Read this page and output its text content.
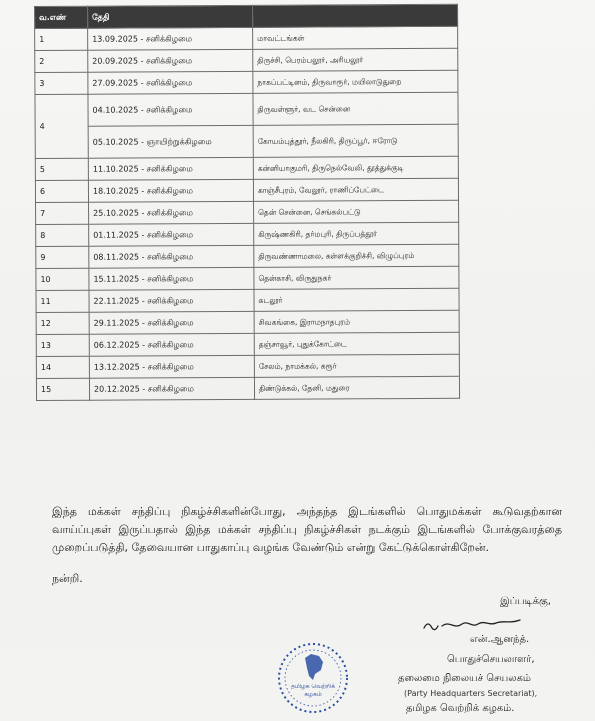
வ.எண்	தேதி	
1	13.09.2025 - சனிக்கிழமை	மாவட்டங்கள்
2	20.09.2025 - சனிக்கிழமை	திருச்சி, பெரம்பலூர், அரியலூர்
3	27.09.2025 - சனிக்கிழமை	நாகப்பட்டினம், திருவாரூர், மயிலாடுதுறை
4	04.10.2025 - சனிக்கிழமை	திருவள்ளூர், வட சென்னை
	05.10.2025 - ஞாயிற்றுக்கிழமை	கோயம்புத்தூர், நீலகிரி, திருப்பூர், ஈரோடு
5	11.10.2025 - சனிக்கிழமை	கன்னியாகுமரி, திருநெல்வேலி, தூத்துக்குடி
6	18.10.2025 - சனிக்கிழமை	காஞ்சீபுரம், வேலூர், ராணிப்பேட்டை
7	25.10.2025 - சனிக்கிழமை	தென் சென்னை, செங்கல்பட்டு
8	01.11.2025 - சனிக்கிழமை	கிருஷ்ணகிரி, தர்மபுரி, திருப்பத்தூர்
9	08.11.2025 - சனிக்கிழமை	திருவண்ணாமலை, கள்ளக்குறிச்சி, விழுப்புரம்
10	15.11.2025 - சனிக்கிழமை	தென்காசி, விருதுநகர்
11	22.11.2025 - சனிக்கிழமை	கடலூர்
12	29.11.2025 - சனிக்கிழமை	சிவகங்கை, இராமநாதபுரம்
13	06.12.2025 - சனிக்கிழமை	தஞ்சாவூர், புதுக்கோட்டை
14	13.12.2025 - சனிக்கிழமை	சேலம், நாமக்கல், கரூர்
15	20.12.2025 - சனிக்கிழமை	திண்டுக்கல், தேனி, மதுரை

இந்த மக்கள் சந்திப்பு நிகழ்ச்சிகளின்போது, அந்தந்த இடங்களில் பொதுமக்கள் கூடுவதற்கான வாய்ப்புகள் இருப்பதால் இந்த மக்கள் சந்திப்பு நிகழ்ச்சிகள் நடக்கும் இடங்களில் போக்குவரத்தை முறைப்படுத்தி, தேவையான பாதுகாப்பு வழங்க வேண்டும் என்று கேட்டுக்கொள்கிறேன்.

நன்றி.
இப்படிக்கு,
என்.ஆனந்த்.
பொதுச்செயலாளர்,
தலைமை நிலையச் செயலகம்
(Party Headquarters Secretariat),
தமிழக வெற்றிக் கழகம்.
தமிழக வெற்றிக்
கழகம்
